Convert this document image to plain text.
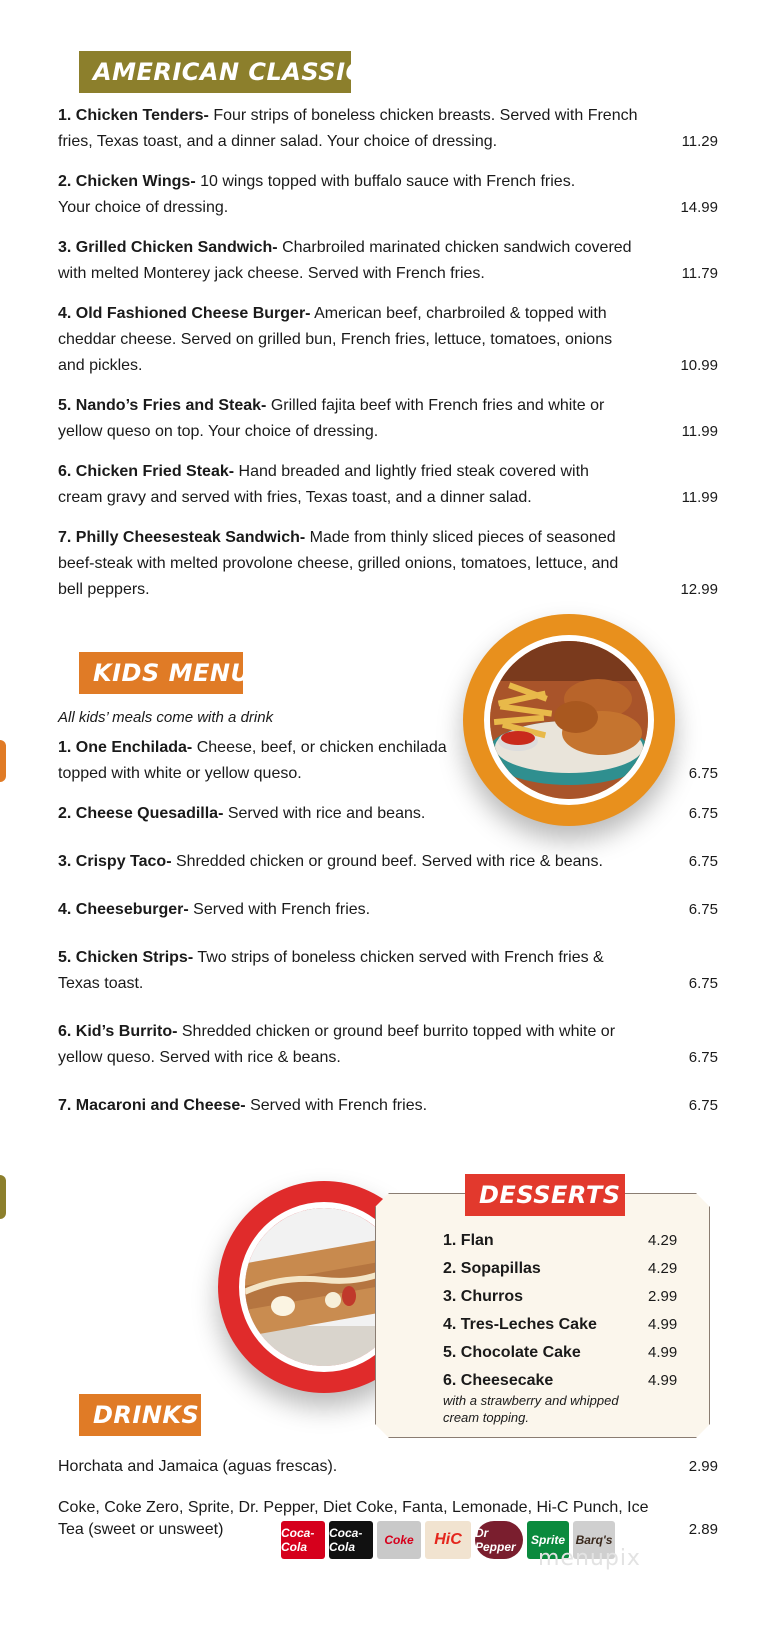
AMERICAN CLASSICS
1. Chicken Tenders- Four strips of boneless chicken breasts. Served with French fries, Texas toast, and a dinner salad. Your choice of dressing.	11.29
2. Chicken Wings- 10 wings topped with buffalo sauce with French fries. Your choice of dressing.	14.99
3. Grilled Chicken Sandwich- Charbroiled marinated chicken sandwich covered with melted Monterey jack cheese. Served with French fries.	11.79
4. Old Fashioned Cheese Burger- American beef, charbroiled & topped with cheddar cheese. Served on grilled bun, French fries, lettuce, tomatoes, onions and pickles.	10.99
5. Nando’s Fries and Steak- Grilled fajita beef with French fries and white or yellow queso on top. Your choice of dressing.	11.99
6. Chicken Fried Steak- Hand breaded and lightly fried steak covered with cream gravy and served with fries, Texas toast, and a dinner salad.	11.99
7. Philly Cheesesteak Sandwich- Made from thinly sliced pieces of seasoned beef-steak with melted provolone cheese, grilled onions, tomatoes, lettuce, and bell peppers.	12.99
KIDS MENU
All kids’ meals come with a drink
1. One Enchilada- Cheese, beef, or chicken enchilada topped with white or yellow queso.	6.75
2. Cheese Quesadilla- Served with rice and beans.	6.75
3. Crispy Taco- Shredded chicken or ground beef. Served with rice & beans.	6.75
4. Cheeseburger- Served with French fries.	6.75
5. Chicken Strips- Two strips of boneless chicken served with French fries & Texas toast.	6.75
6. Kid’s Burrito- Shredded chicken or ground beef burrito topped with white or yellow queso. Served with rice & beans.	6.75
7. Macaroni and Cheese- Served with French fries.	6.75
DESSERTS
1. Flan	4.29
2. Sopapillas	4.29
3. Churros	2.99
4. Tres-Leches Cake	4.99
5. Chocolate Cake	4.99
6. Cheesecake	4.99
with a strawberry and whipped cream topping.
DRINKS
Horchata and Jamaica (aguas frescas).	2.99
Coke, Coke Zero, Sprite, Dr. Pepper, Diet Coke, Fanta, Lemonade, Hi-C Punch, Ice Tea (sweet or unsweet)	2.89
Coca-Cola
Coca-Cola	Coke	HiC	Dr Pepper	Sprite Barq's
menupix
